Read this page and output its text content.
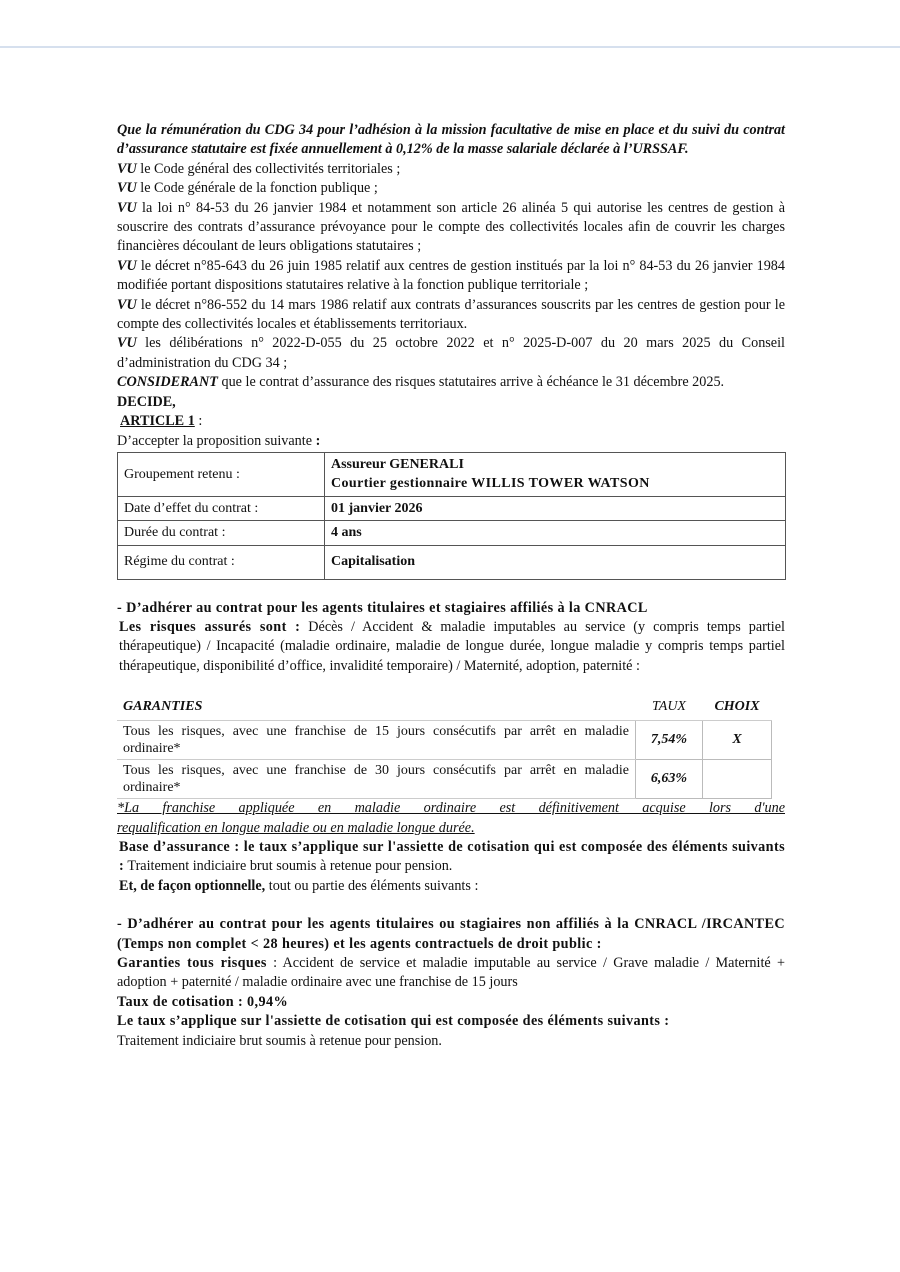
Que la rémunération du CDG 34 pour l’adhésion à la mission facultative de mise en place et du suivi du contrat d’assurance statutaire est fixée annuellement à 0,12% de la masse salariale déclarée à l’URSSAF.

VU le Code général des collectivités territoriales ;

VU le Code générale de la fonction publique ;

VU la loi n° 84-53 du 26 janvier 1984 et notamment son article 26 alinéa 5 qui autorise les centres de gestion à souscrire des contrats d’assurance prévoyance pour le compte des collectivités locales afin de couvrir les charges financières découlant de leurs obligations statutaires ;

VU le décret n°85-643 du 26 juin 1985 relatif aux centres de gestion institués par la loi n° 84-53 du 26 janvier 1984 modifiée portant dispositions statutaires relative à la fonction publique territoriale ;

VU le décret n°86-552 du 14 mars 1986 relatif aux contrats d’assurances souscrits par les centres de gestion pour le compte des collectivités locales et établissements territoriaux.

VU les délibérations n° 2022-D-055 du 25 octobre 2022 et n° 2025-D-007 du 20 mars 2025 du Conseil d’administration du CDG 34 ;

CONSIDERANT que le contrat d’assurance des risques statutaires arrive à échéance le 31 décembre 2025.

DECIDE,

ARTICLE 1 :

D’accepter la proposition suivante :

Groupement retenu :	Assureur GENERALI
Courtier gestionnaire WILLIS TOWER WATSON

Date d’effet du contrat :	01 janvier 2026
Durée du contrat :	4 ans
Régime du contrat :	Capitalisation

- D’adhérer au contrat pour les agents titulaires et stagiaires affiliés à la CNRACL

Les risques assurés sont : Décès / Accident & maladie imputables au service (y compris temps partiel thérapeutique) / Incapacité (maladie ordinaire, maladie de longue durée, longue maladie y compris temps partiel thérapeutique, disponibilité d’office, invalidité temporaire) / Maternité, adoption, paternité :

GARANTIES	TAUX	CHOIX
Tous les risques, avec une franchise de 15 jours consécutifs par arrêt en maladie ordinaire*	7,54%	X
Tous les risques, avec une franchise de 30 jours consécutifs par arrêt en maladie ordinaire*	6,63%	

*La franchise appliquée en maladie ordinaire est définitivement acquise lors d'une

requalification en longue maladie ou en maladie longue durée.

Base d’assurance : le taux s’applique sur l'assiette de cotisation qui est composée des éléments suivants : Traitement indiciaire brut soumis à retenue pour pension.

Et, de façon optionnelle, tout ou partie des éléments suivants :

- D’adhérer au contrat pour les agents titulaires ou stagiaires non affiliés à la CNRACL /IRCANTEC (Temps non complet < 28 heures) et les agents contractuels de droit public :

Garanties tous risques : Accident de service et maladie imputable au service / Grave maladie / Maternité + adoption + paternité / maladie ordinaire avec une franchise de 15 jours

Taux de cotisation : 0,94%

Le taux s’applique sur l'assiette de cotisation qui est composée des éléments suivants :

Traitement indiciaire brut soumis à retenue pour pension.
